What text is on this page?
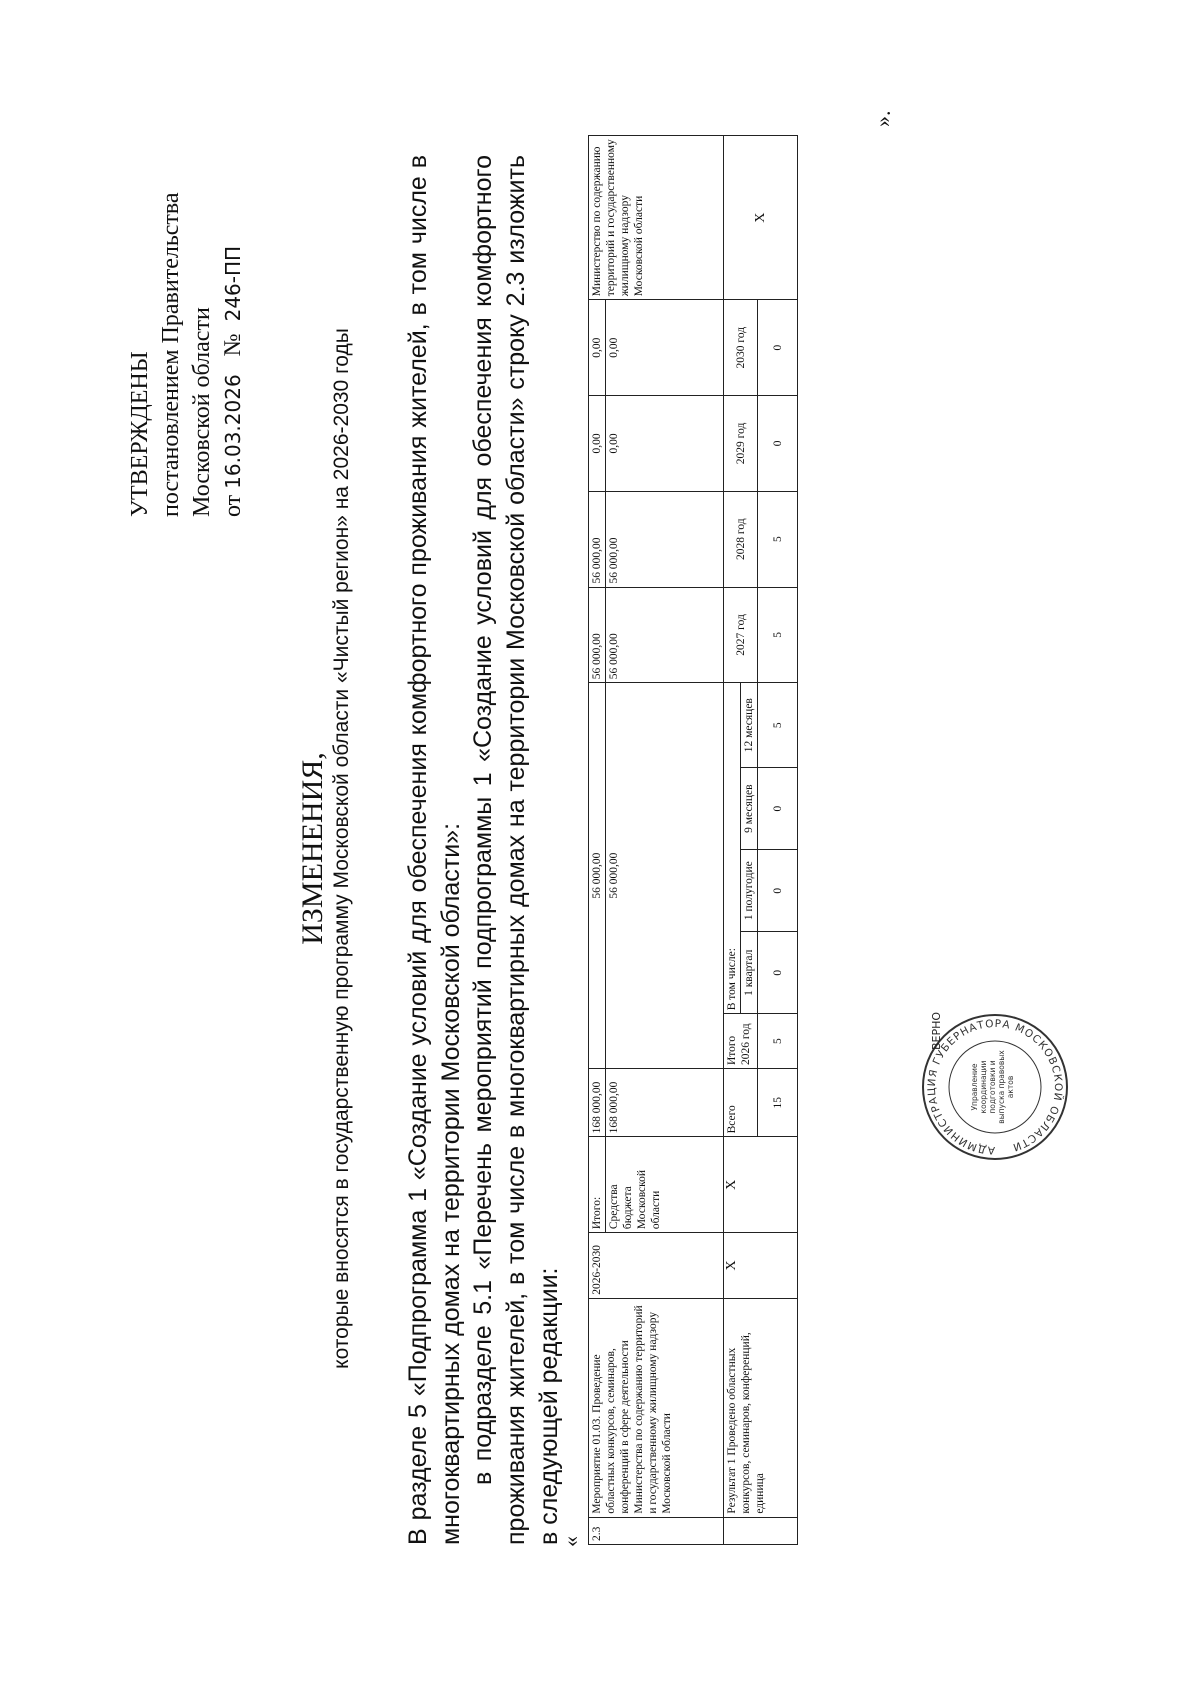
УТВЕРЖДЕНЫ постановлением Правительства Московской области от 16.03.2026   №  246-ПП
ИЗМЕНЕНИЯ, которые вносятся в государственную программу Московской области «Чистый регион» на 2026-2030 годы В разделе 5 «Подпрограмма 1 «Создание условий для обеспечения комфортного проживания жителей, в том числе в многоквартирных домах на территории Московской области»: в подразделе 5.1 «Перечень мероприятий подпрограммы 1 «Создание условий для обеспечения комфортного проживания жителей, в том числе в многоквартирных домах на территории Московской области» строку 2.3 изложить в следующей редакции:
«
2.3	Мероприятие 01.03. Проведение областных конкурсов, семинаров, конференций в сфере деятельности Министерства по содержанию территорий и государственному жилищному надзору Московской области	2026-2030	Итого:	168 000,00	56 000,00					56 000,00	56 000,00	0,00	0,00	Министерство по содержанию территорий и государственному жилищному надзору Московской области
			Средства бюджета Московской области	168 000,00	56 000,00					56 000,00	56 000,00	0,00	0,00	
	Результат 1 Проведено областных конкурсов, семинаров, конференций, единица	X	X	Всего	Итого 2026 год	В том числе:				2027 год	2028 год	2029 год	2030 год	X
						1 квартал	1 полугодие	9 месяцев	12 месяцев					
				15	5	0	0	0	5	5	5	0	0	
».
АДМИНИСТРАЦИЯ ГУБЕРНАТОРА МОСКОВСКОЙ ОБЛАСТИ
Управление координации подготовки и выпуска правовых актов
ВЕРНО
